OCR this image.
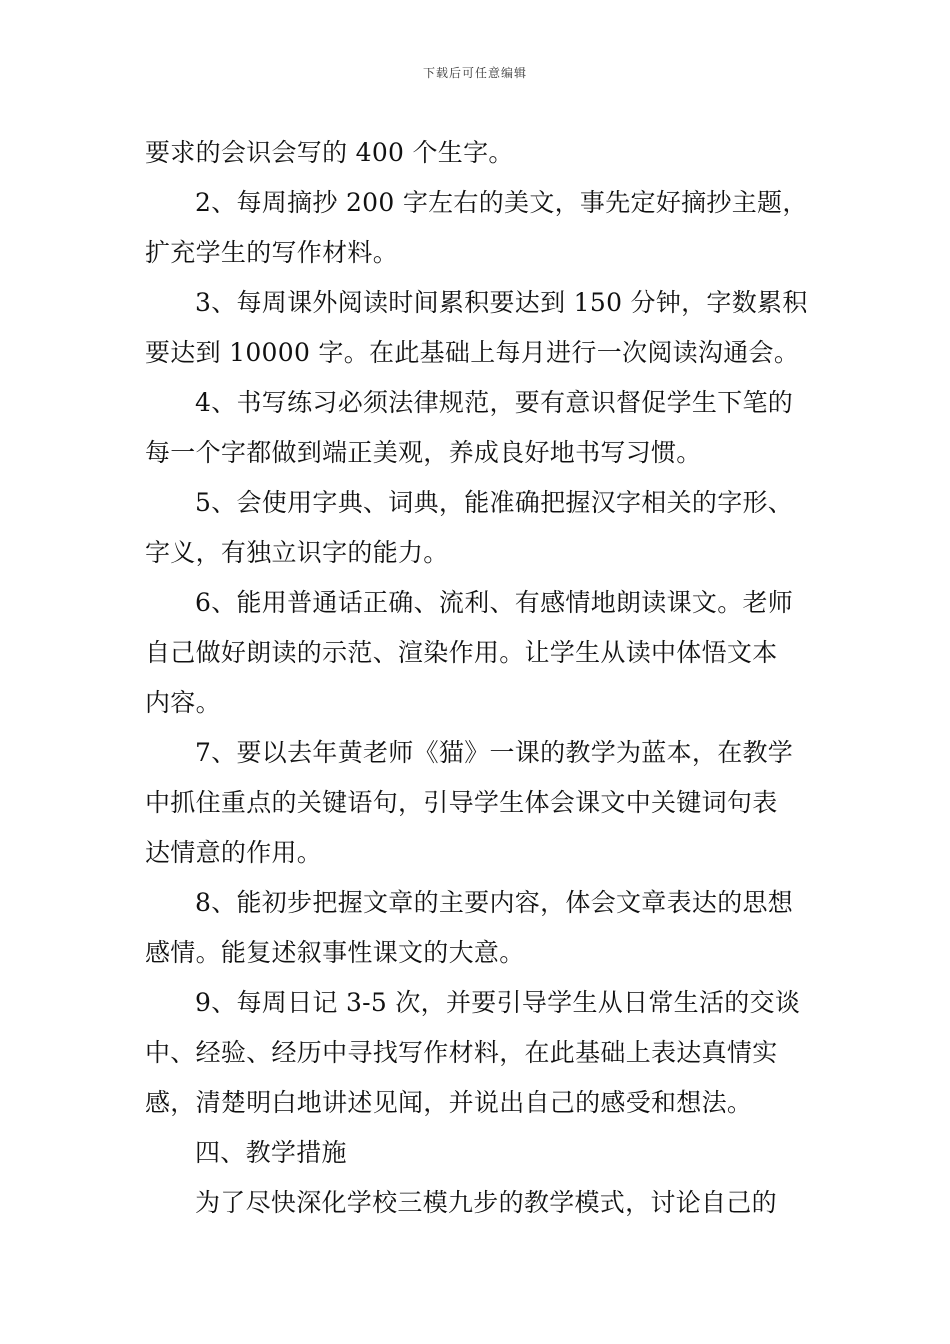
下载后可任意编辑
要求的会识会写的 400 个生字。
2、每周摘抄 200 字左右的美文，事先定好摘抄主题，
扩充学生的写作材料。
3、每周课外阅读时间累积要达到 150 分钟，字数累积
要达到 10000 字。在此基础上每月进行一次阅读沟通会。
4、书写练习必须法律规范，要有意识督促学生下笔的
每一个字都做到端正美观，养成良好地书写习惯。
5、会使用字典、词典，能准确把握汉字相关的字形、
字义，有独立识字的能力。
6、能用普通话正确、流利、有感情地朗读课文。老师
自己做好朗读的示范、渲染作用。让学生从读中体悟文本
内容。
7、要以去年黄老师《猫》一课的教学为蓝本，在教学
中抓住重点的关键语句，引导学生体会课文中关键词句表
达情意的作用。
8、能初步把握文章的主要内容，体会文章表达的思想
感情。能复述叙事性课文的大意。
9、每周日记 3-5 次，并要引导学生从日常生活的交谈
中、经验、经历中寻找写作材料，在此基础上表达真情实
感，清楚明白地讲述见闻，并说出自己的感受和想法。
四、教学措施
为了尽快深化学校三模九步的教学模式，讨论自己的
